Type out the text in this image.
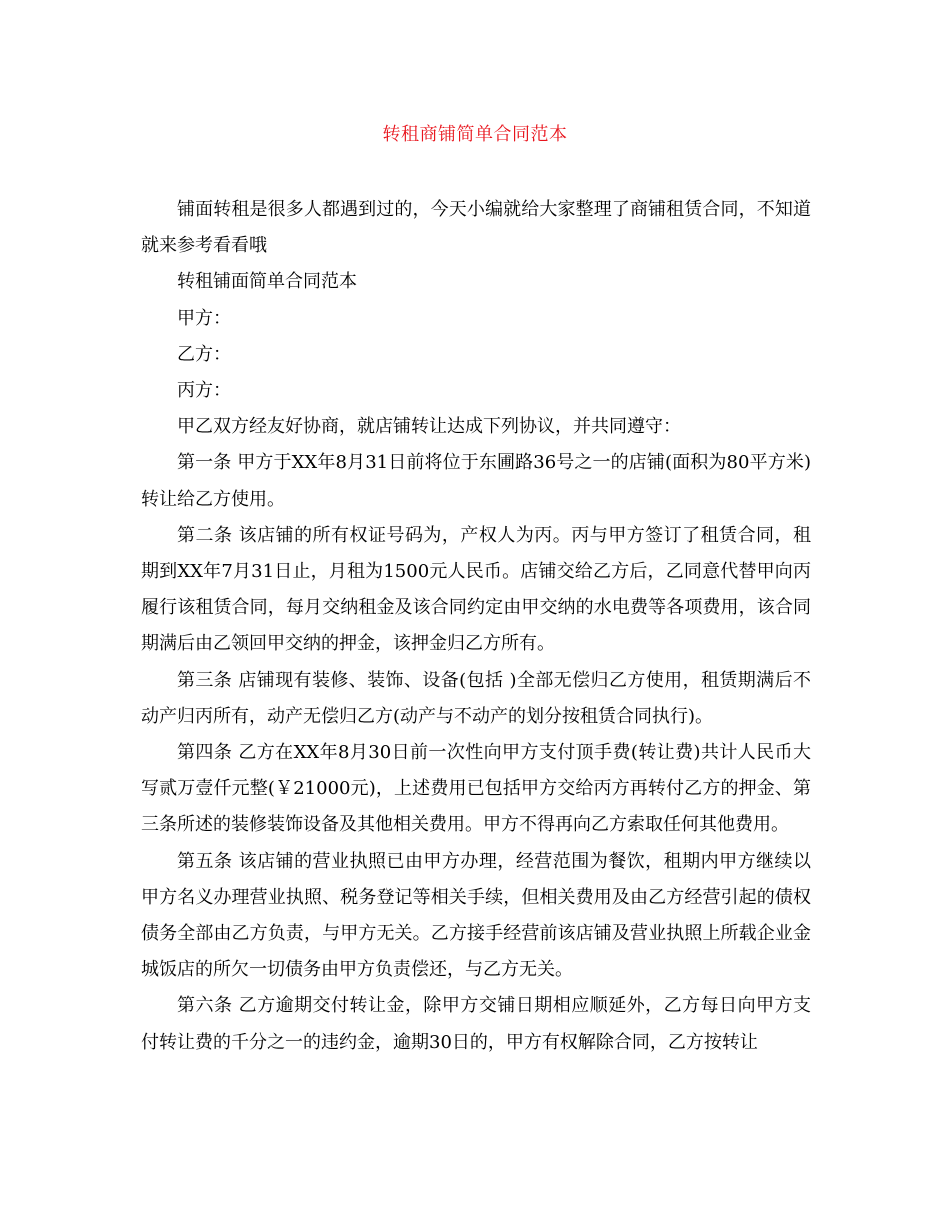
转租商铺简单合同范本

铺面转租是很多人都遇到过的，今天小编就给大家整理了商铺租赁合同，不知道就来参考看看哦

转租铺面简单合同范本

甲方：

乙方：

丙方：

甲乙双方经友好协商，就店铺转让达成下列协议，并共同遵守：

第一条 甲方于XX年8月31日前将位于东圃路36号之一的店铺(面积为80平方米)转让给乙方使用。

第二条 该店铺的所有权证号码为，产权人为丙。丙与甲方签订了租赁合同，租期到XX年7月31日止，月租为1500元人民币。店铺交给乙方后，乙同意代替甲向丙履行该租赁合同，每月交纳租金及该合同约定由甲交纳的水电费等各项费用，该合同期满后由乙领回甲交纳的押金，该押金归乙方所有。

第三条 店铺现有装修、装饰、设备(包括 )全部无偿归乙方使用，租赁期满后不动产归丙所有，动产无偿归乙方(动产与不动产的划分按租赁合同执行)。

第四条 乙方在XX年8月30日前一次性向甲方支付顶手费(转让费)共计人民币大写贰万壹仟元整(￥21000元)，上述费用已包括甲方交给丙方再转付乙方的押金、第三条所述的装修装饰设备及其他相关费用。甲方不得再向乙方索取任何其他费用。

第五条 该店铺的营业执照已由甲方办理，经营范围为餐饮，租期内甲方继续以甲方名义办理营业执照、税务登记等相关手续，但相关费用及由乙方经营引起的债权债务全部由乙方负责，与甲方无关。乙方接手经营前该店铺及营业执照上所载企业金城饭店的所欠一切债务由甲方负责偿还，与乙方无关。

第六条 乙方逾期交付转让金，除甲方交铺日期相应顺延外，乙方每日向甲方支付转让费的千分之一的违约金，逾期30日的，甲方有权解除合同，乙方按转让
